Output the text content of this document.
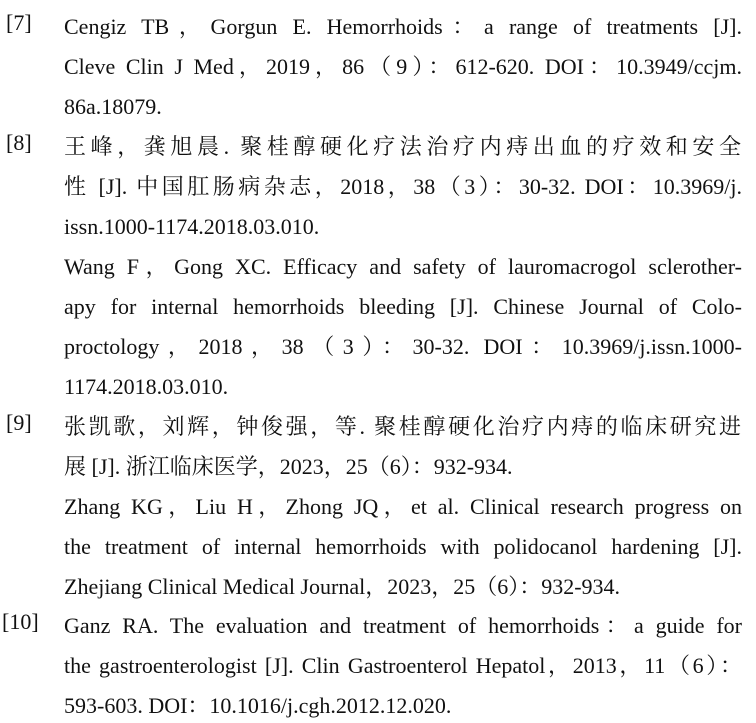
[7] Cengiz TB，Gorgun E. Hemorrhoids：a range of treatments [J].
Cleve Clin J Med，2019，86（9）：612-620. DOI：10.3949/ccjm.
86a.18079.
[8] 王峰，龚旭晨. 聚桂醇硬化疗法治疗内痔出血的疗效和安全
性 [J]. 中国肛肠病杂志，2018，38（3）：30-32. DOI：10.3969/j.
issn.1000-1174.2018.03.010.
Wang F，Gong XC. Efficacy and safety of lauromacrogol sclerother-
apy for internal hemorrhoids bleeding [J]. Chinese Journal of Colo-
proctology，2018，38（3）：30-32. DOI：10.3969/j.issn.1000-
1174.2018.03.010.
[9] 张凯歌，刘辉，钟俊强，等. 聚桂醇硬化治疗内痔的临床研究进
展 [J]. 浙江临床医学，2023，25（6）：932-934.
Zhang KG，Liu H，Zhong JQ，et al. Clinical research progress on
the treatment of internal hemorrhoids with polidocanol hardening [J].
Zhejiang Clinical Medical Journal，2023，25（6）：932-934.
[10] Ganz RA. The evaluation and treatment of hemorrhoids：a guide for
the gastroenterologist [J]. Clin Gastroenterol Hepatol，2013，11（6）：
593-603. DOI：10.1016/j.cgh.2012.12.020.
